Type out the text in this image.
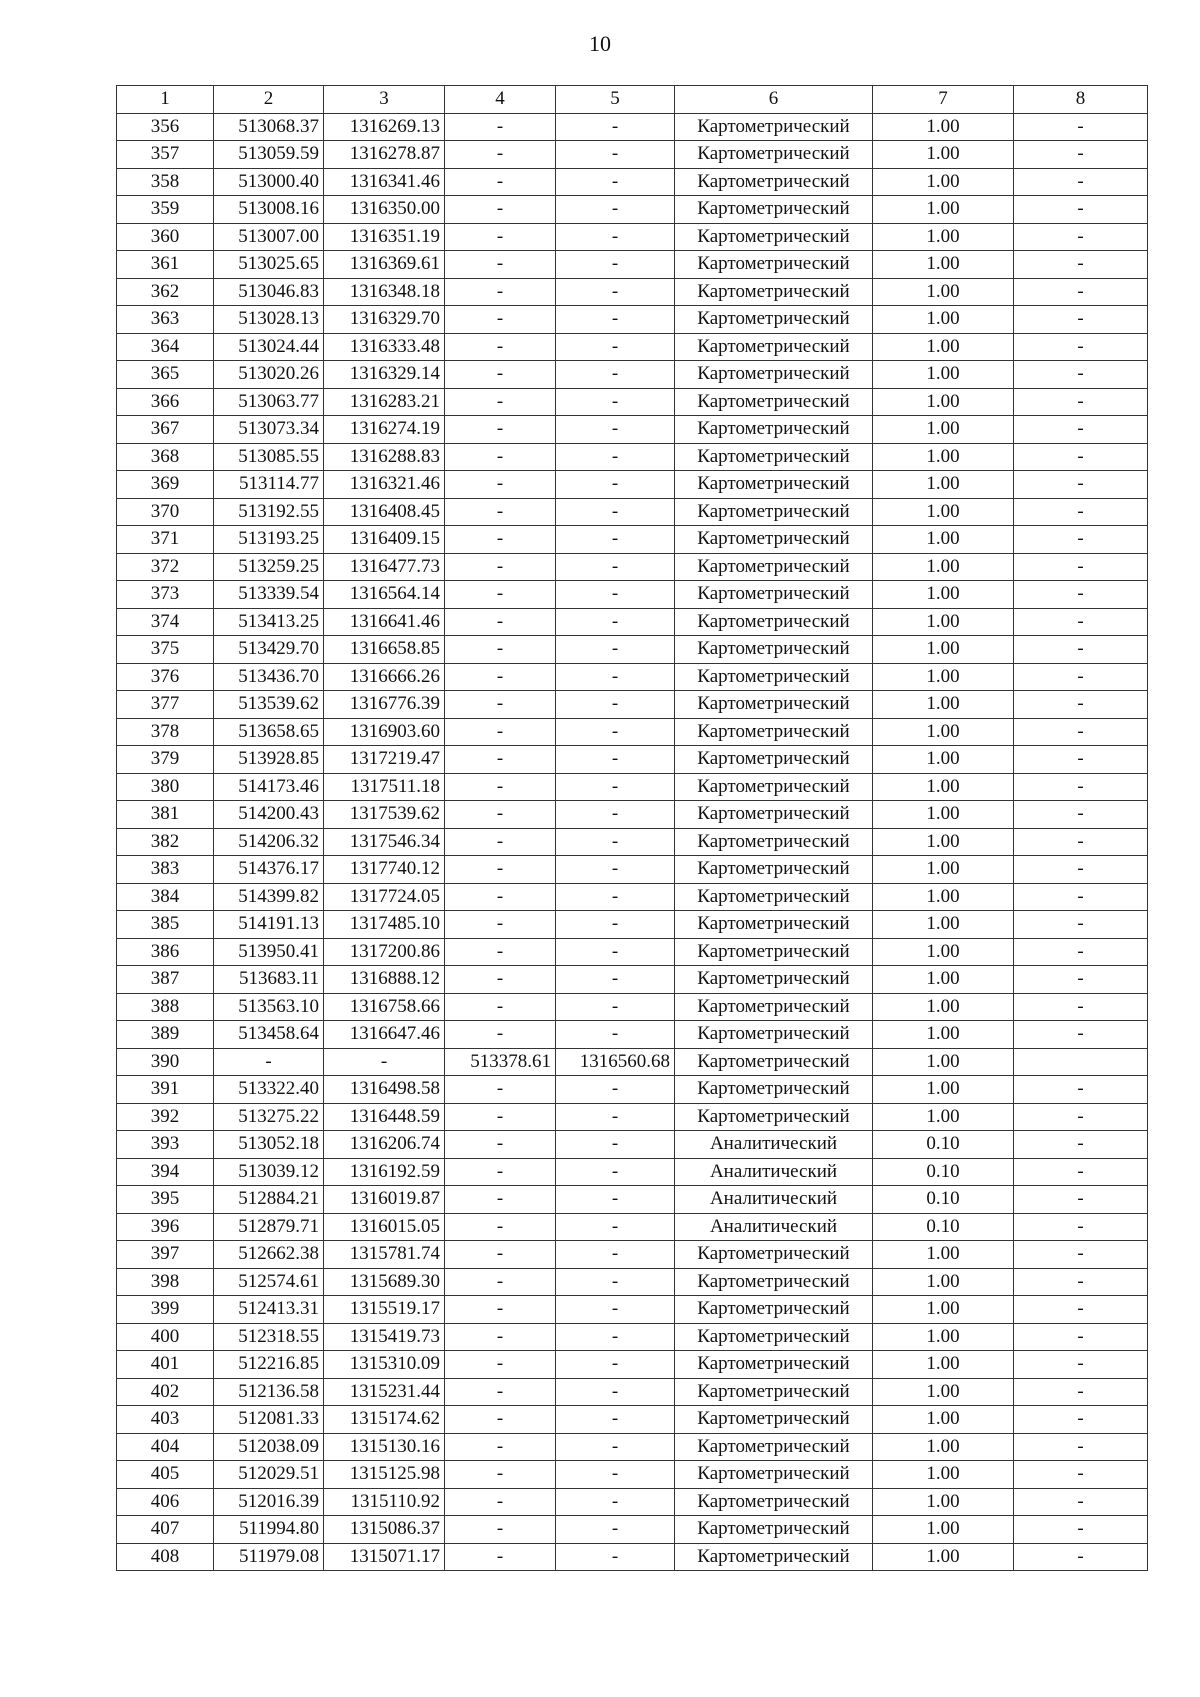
10
1	2	3	4	5	6	7	8
356	513068.37	1316269.13	-	-	Картометрический	1.00	-
357	513059.59	1316278.87	-	-	Картометрический	1.00	-
358	513000.40	1316341.46	-	-	Картометрический	1.00	-
359	513008.16	1316350.00	-	-	Картометрический	1.00	-
360	513007.00	1316351.19	-	-	Картометрический	1.00	-
361	513025.65	1316369.61	-	-	Картометрический	1.00	-
362	513046.83	1316348.18	-	-	Картометрический	1.00	-
363	513028.13	1316329.70	-	-	Картометрический	1.00	-
364	513024.44	1316333.48	-	-	Картометрический	1.00	-
365	513020.26	1316329.14	-	-	Картометрический	1.00	-
366	513063.77	1316283.21	-	-	Картометрический	1.00	-
367	513073.34	1316274.19	-	-	Картометрический	1.00	-
368	513085.55	1316288.83	-	-	Картометрический	1.00	-
369	513114.77	1316321.46	-	-	Картометрический	1.00	-
370	513192.55	1316408.45	-	-	Картометрический	1.00	-
371	513193.25	1316409.15	-	-	Картометрический	1.00	-
372	513259.25	1316477.73	-	-	Картометрический	1.00	-
373	513339.54	1316564.14	-	-	Картометрический	1.00	-
374	513413.25	1316641.46	-	-	Картометрический	1.00	-
375	513429.70	1316658.85	-	-	Картометрический	1.00	-
376	513436.70	1316666.26	-	-	Картометрический	1.00	-
377	513539.62	1316776.39	-	-	Картометрический	1.00	-
378	513658.65	1316903.60	-	-	Картометрический	1.00	-
379	513928.85	1317219.47	-	-	Картометрический	1.00	-
380	514173.46	1317511.18	-	-	Картометрический	1.00	-
381	514200.43	1317539.62	-	-	Картометрический	1.00	-
382	514206.32	1317546.34	-	-	Картометрический	1.00	-
383	514376.17	1317740.12	-	-	Картометрический	1.00	-
384	514399.82	1317724.05	-	-	Картометрический	1.00	-
385	514191.13	1317485.10	-	-	Картометрический	1.00	-
386	513950.41	1317200.86	-	-	Картометрический	1.00	-
387	513683.11	1316888.12	-	-	Картометрический	1.00	-
388	513563.10	1316758.66	-	-	Картометрический	1.00	-
389	513458.64	1316647.46	-	-	Картометрический	1.00	-
390	-	-	513378.61	1316560.68	Картометрический	1.00	
391	513322.40	1316498.58	-	-	Картометрический	1.00	-
392	513275.22	1316448.59	-	-	Картометрический	1.00	-
393	513052.18	1316206.74	-	-	Аналитический	0.10	-
394	513039.12	1316192.59	-	-	Аналитический	0.10	-
395	512884.21	1316019.87	-	-	Аналитический	0.10	-
396	512879.71	1316015.05	-	-	Аналитический	0.10	-
397	512662.38	1315781.74	-	-	Картометрический	1.00	-
398	512574.61	1315689.30	-	-	Картометрический	1.00	-
399	512413.31	1315519.17	-	-	Картометрический	1.00	-
400	512318.55	1315419.73	-	-	Картометрический	1.00	-
401	512216.85	1315310.09	-	-	Картометрический	1.00	-
402	512136.58	1315231.44	-	-	Картометрический	1.00	-
403	512081.33	1315174.62	-	-	Картометрический	1.00	-
404	512038.09	1315130.16	-	-	Картометрический	1.00	-
405	512029.51	1315125.98	-	-	Картометрический	1.00	-
406	512016.39	1315110.92	-	-	Картометрический	1.00	-
407	511994.80	1315086.37	-	-	Картометрический	1.00	-
408	511979.08	1315071.17	-	-	Картометрический	1.00	-
